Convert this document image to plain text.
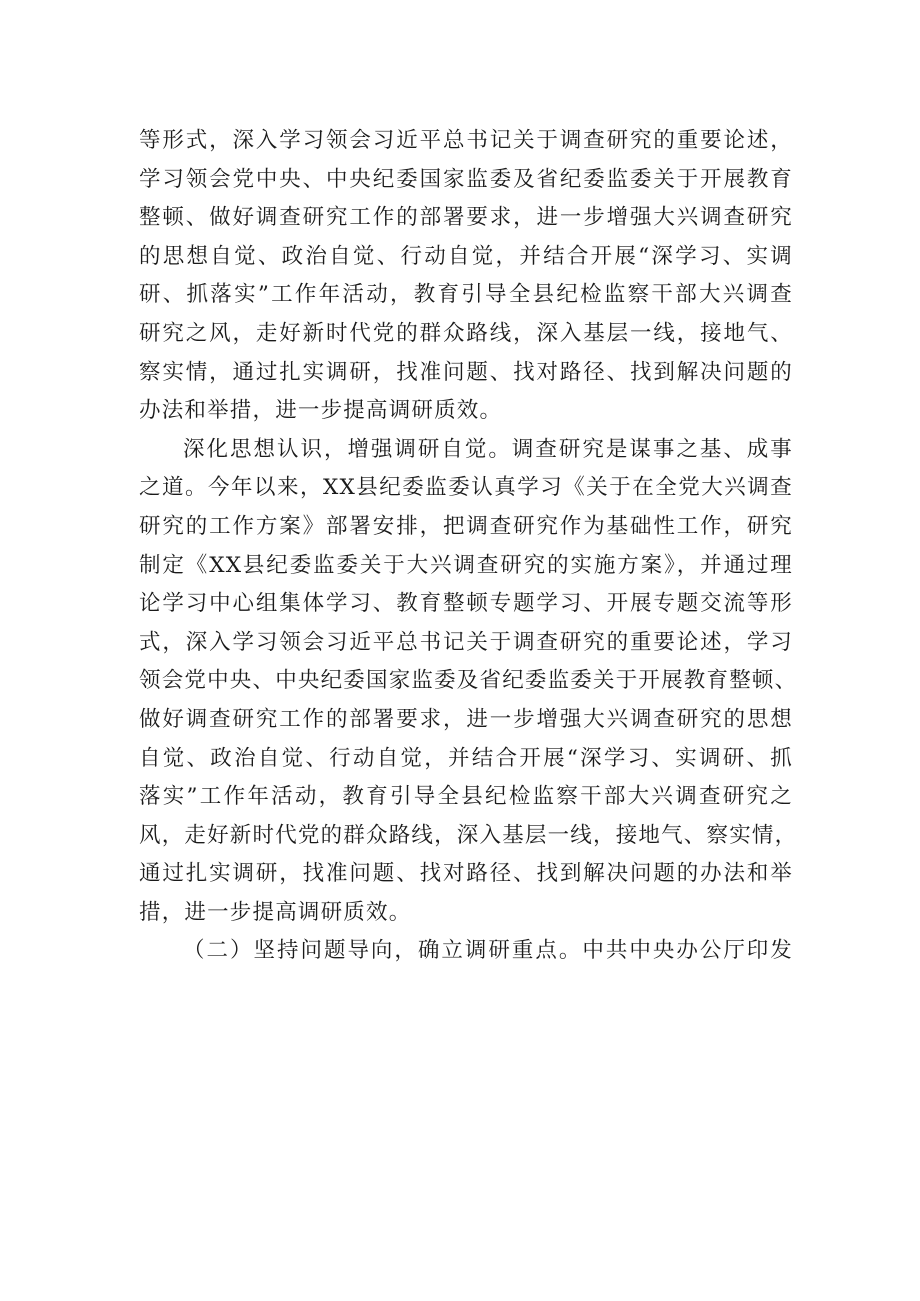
等形式，深入学习领会习近平总书记关于调查研究的重要论述，
学习领会党中央、中央纪委国家监委及省纪委监委关于开展教育
整顿、做好调查研究工作的部署要求，进一步增强大兴调查研究
的思想自觉、政治自觉、行动自觉，并结合开展“深学习、实调
研、抓落实”工作年活动，教育引导全县纪检监察干部大兴调查
研究之风，走好新时代党的群众路线，深入基层一线，接地气、
察实情，通过扎实调研，找准问题、找对路径、找到解决问题的
办法和举措，进一步提高调研质效。
深化思想认识，增强调研自觉。调查研究是谋事之基、成事
之道。今年以来，XX县纪委监委认真学习《关于在全党大兴调查
研究的工作方案》部署安排，把调查研究作为基础性工作，研究
制定《XX县纪委监委关于大兴调查研究的实施方案》，并通过理
论学习中心组集体学习、教育整顿专题学习、开展专题交流等形
式，深入学习领会习近平总书记关于调查研究的重要论述，学习
领会党中央、中央纪委国家监委及省纪委监委关于开展教育整顿、
做好调查研究工作的部署要求，进一步增强大兴调查研究的思想
自觉、政治自觉、行动自觉，并结合开展“深学习、实调研、抓
落实”工作年活动，教育引导全县纪检监察干部大兴调查研究之
风，走好新时代党的群众路线，深入基层一线，接地气、察实情，
通过扎实调研，找准问题、找对路径、找到解决问题的办法和举
措，进一步提高调研质效。
（二）坚持问题导向，确立调研重点。中共中央办公厅印发
